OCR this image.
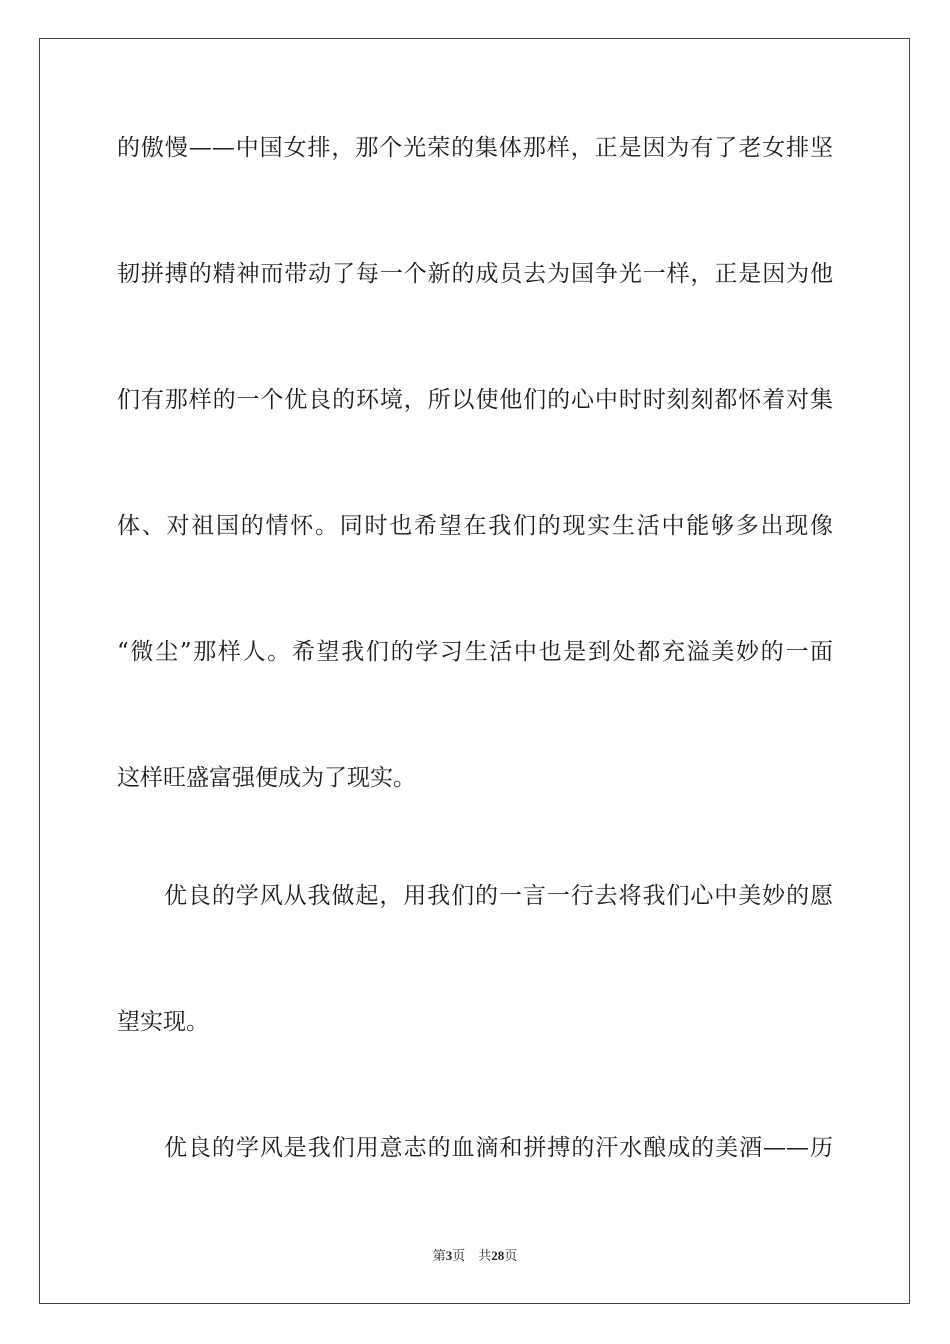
的傲慢——中国女排，那个光荣的集体那样，正是因为有了老女排坚
韧拼搏的精神而带动了每一个新的成员去为国争光一样，正是因为他
们有那样的一个优良的环境，所以使他们的心中时时刻刻都怀着对集
体、对祖国的情怀。同时也希望在我们的现实生活中能够多出现像
“微尘”那样人。希望我们的学习生活中也是到处都充溢美妙的一面
这样旺盛富强便成为了现实。
优良的学风从我做起，用我们的一言一行去将我们心中美妙的愿
望实现。
优良的学风是我们用意志的血滴和拼搏的汗水酿成的美酒——历
第3页 共28页
